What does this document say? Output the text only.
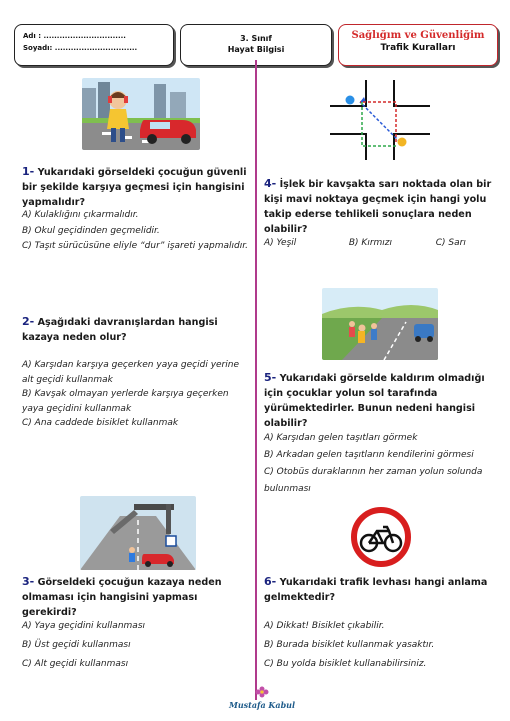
Adı : ...............................
Soyadı: ...............................
3. Sınıf
Hayat Bilgisi
Sağlığım ve Güvenliğim
Trafik Kuralları
1- Yukarıdaki görseldeki çocuğun güvenli bir şekilde karşıya geçmesi için hangisini yapmalıdır?
A) Kulaklığını çıkarmalıdır.
B) Okul geçidinden geçmelidir.
C) Taşıt sürücüsüne eliyle “dur” işareti yapmalıdır.
2- Aşağıdaki davranışlardan hangisi kazaya neden olur?
A) Karşıdan karşıya geçerken yaya geçidi yerine alt geçidi kullanmak
B) Kavşak olmayan yerlerde karşıya geçerken yaya geçidini kullanmak
C) Ana caddede bisiklet kullanmak
3- Görseldeki çocuğun kazaya neden olmaması için hangisini yapması gerekirdi?
A) Yaya geçidini kullanması
B) Üst geçidi kullanması
C) Alt geçidi kullanması
4- İşlek bir kavşakta sarı noktada olan bir kişi mavi noktaya geçmek için hangi yolu takip ederse tehlikeli sonuçlara neden olabilir?
A) Yeşil	B) Kırmızı	C) Sarı
5- Yukarıdaki görselde kaldırım olmadığı için çocuklar yolun sol tarafında yürümektedirler. Bunun nedeni hangisi olabilir?
A) Karşıdan gelen taşıtları görmek
B) Arkadan gelen taşıtların kendilerini görmesi
C) Otobüs duraklarının her zaman yolun solunda bulunması
6- Yukarıdaki trafik levhası hangi anlama gelmektedir?
A) Dikkat! Bisiklet çıkabilir.
B) Burada bisiklet kullanmak yasaktır.
C) Bu yolda bisiklet kullanabilirsiniz.
Mustafa Kabul
